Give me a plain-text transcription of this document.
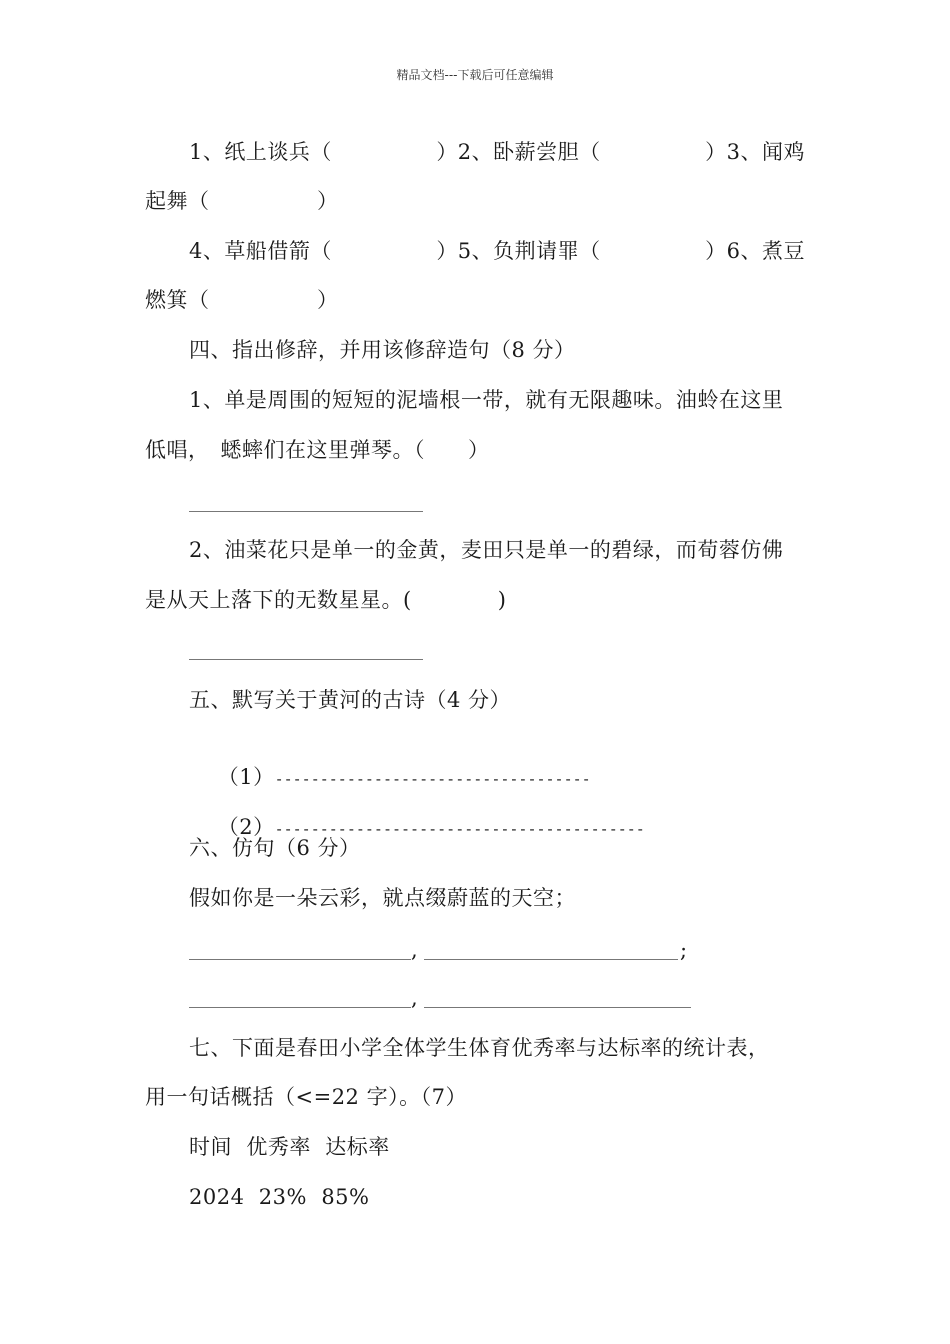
精品文档---下载后可任意编辑
1、纸上谈兵（	）2、卧薪尝胆（	）3、闻鸡
起舞（　　　　　）
4、草船借箭（	）5、负荆请罪（	）6、煮豆
燃箕（　　　　　）
四、指出修辞，并用该修辞造句（8 分）
1、单是周围的短短的泥墙根一带，就有无限趣味。油蛉在这里
低唱，　蟋蟀们在这里弹琴。（　　）
2、油菜花只是单一的金黄，麦田只是单一的碧绿，而荀蓉仿佛
是从天上落下的无数星星。(　　　　)
五、默写关于黄河的古诗（4 分）

（1）-----------------------------------

（2）-----------------------------------------

六、仿句（6 分）
假如你是一朵云彩，就点缀蔚蓝的天空；
,	;
,
七、下面是春田小学全体学生体育优秀率与达标率的统计表，
用一句话概括（<=22 字）。（7）
时间  优秀率  达标率
2024  23%  85%
